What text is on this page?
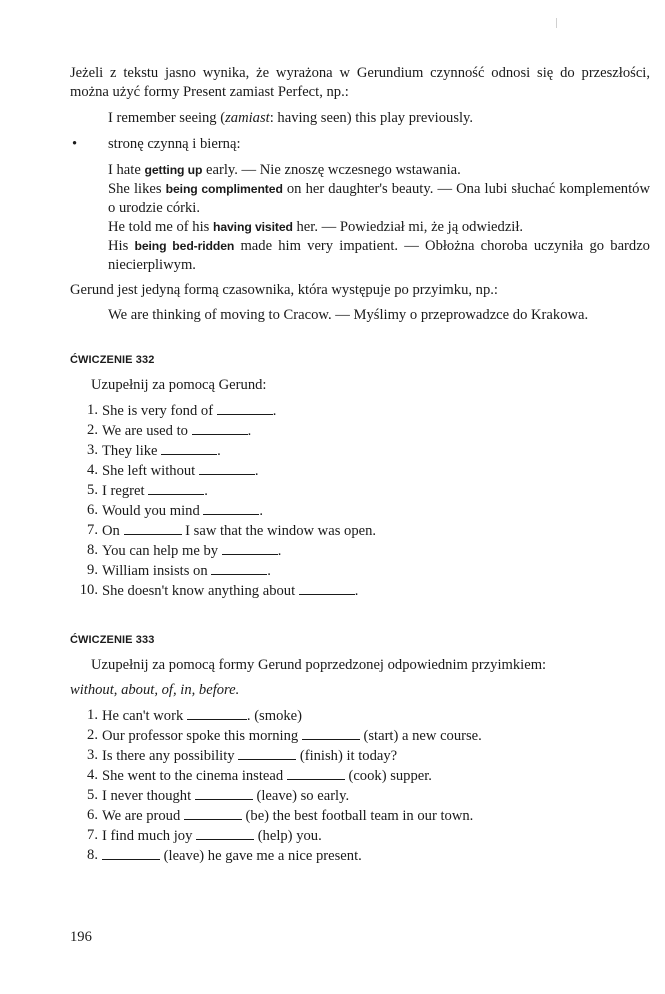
Jeżeli z tekstu jasno wynika, że wyrażona w Gerundium czynność odnosi się do przeszłości, można użyć formy Present zamiast Perfect, np.:

I remember seeing (zamiast: having seen) this play previously.

•	stronę czynną i bierną:

I hate getting up early. — Nie znoszę wczesnego wstawania.

She likes being complimented on her daughter's beauty. — Ona lubi słuchać komplementów o urodzie córki.

He told me of his having visited her. — Powiedział mi, że ją odwiedził.

His being bed-ridden made him very impatient. — Obłożna choroba uczyniła go bardzo niecierpliwym.

Gerund jest jedyną formą czasownika, która występuje po przyimku, np.:

We are thinking of moving to Cracow. — Myślimy o przeprowadzce do Krakowa.

ĆWICZENIE 332

Uzupełnij za pomocą Gerund:

1. She is very fond of	.
2. We are used to	.
3. They like	.
4. She left without	.
5. I regret	.
6. Would you mind	.
7. On	I saw that the window was open.
8. You can help me by	.
9. William insists on	.
10. She doesn't know anything about	.
ĆWICZENIE 333

Uzupełnij za pomocą formy Gerund poprzedzonej odpowiednim przyimkiem:

without, about, of, in, before.

1. He can't work	. (smoke)
2. Our professor spoke this morning	(start) a new course.
3. Is there any possibility	(finish) it today?
4. She went to the cinema instead	(cook) supper.
5. I never thought	(leave) so early.
6. We are proud	(be) the best football team in our town.
7. I find much joy	(help) you.
8.	(leave) he gave me a nice present.
196
